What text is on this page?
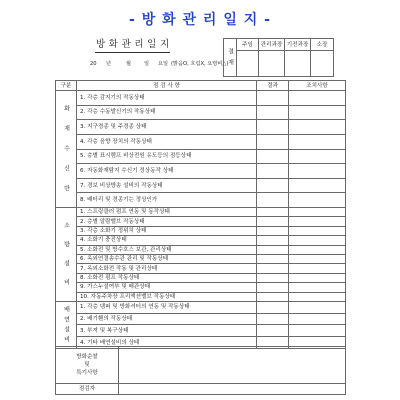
- 방 화 관 리 일 지 -
방 화 관 리 일 지
20 년	월 일 요일 (맑음O, 흐림X, 요령비△)
결재	주임	관리과장	기전과장	소장

구분	점 검 사 항	결과	조치사항
화재수신반	1. 각층 감지기의 작동상태		
	2. 각층 수동발신기의 작동상태		
	3. 지구경종 및 주경종 상태		
	4. 각층 음향 장치의 작동상태		
	5. 층별 표시램프 비상전원 유도등의 점등상태		
	6. 자동화재탐지 수신기 정상동작 상태		
	7. 경보 비상방송 설비의 작동상태		
	8. 배터리 및 경종기는 정상인가		
소방설비	1. 스프링클러 펌프 연동 및 동작상태		
	2. 층별 알람밸브 작동상태		
	3. 각층 소화기 정위치 상태		
	4. 소화기 충진상태		
	5. 소화전 및 방수호스 보관, 관리상태		
	6. 옥외연결송수관 관리 및 작동상태		
	7. 옥외소화전 작동 및 관리상태		
	8. 소화전 펌프 작동상태		
	9. 가스누설여부 및 배관상태		
	10. 자동주차장 프리액션밸브 작동상태		
배연설비	1. 각층 댐퍼 및 방화셔터의 연동 및 작동상태		
	2. 배기휀의 작동상태		
	3. 부져 및 복구상태		
	4. 기타 배연설비의 상태		
방화순찰
및
특기사항	

점검자	
